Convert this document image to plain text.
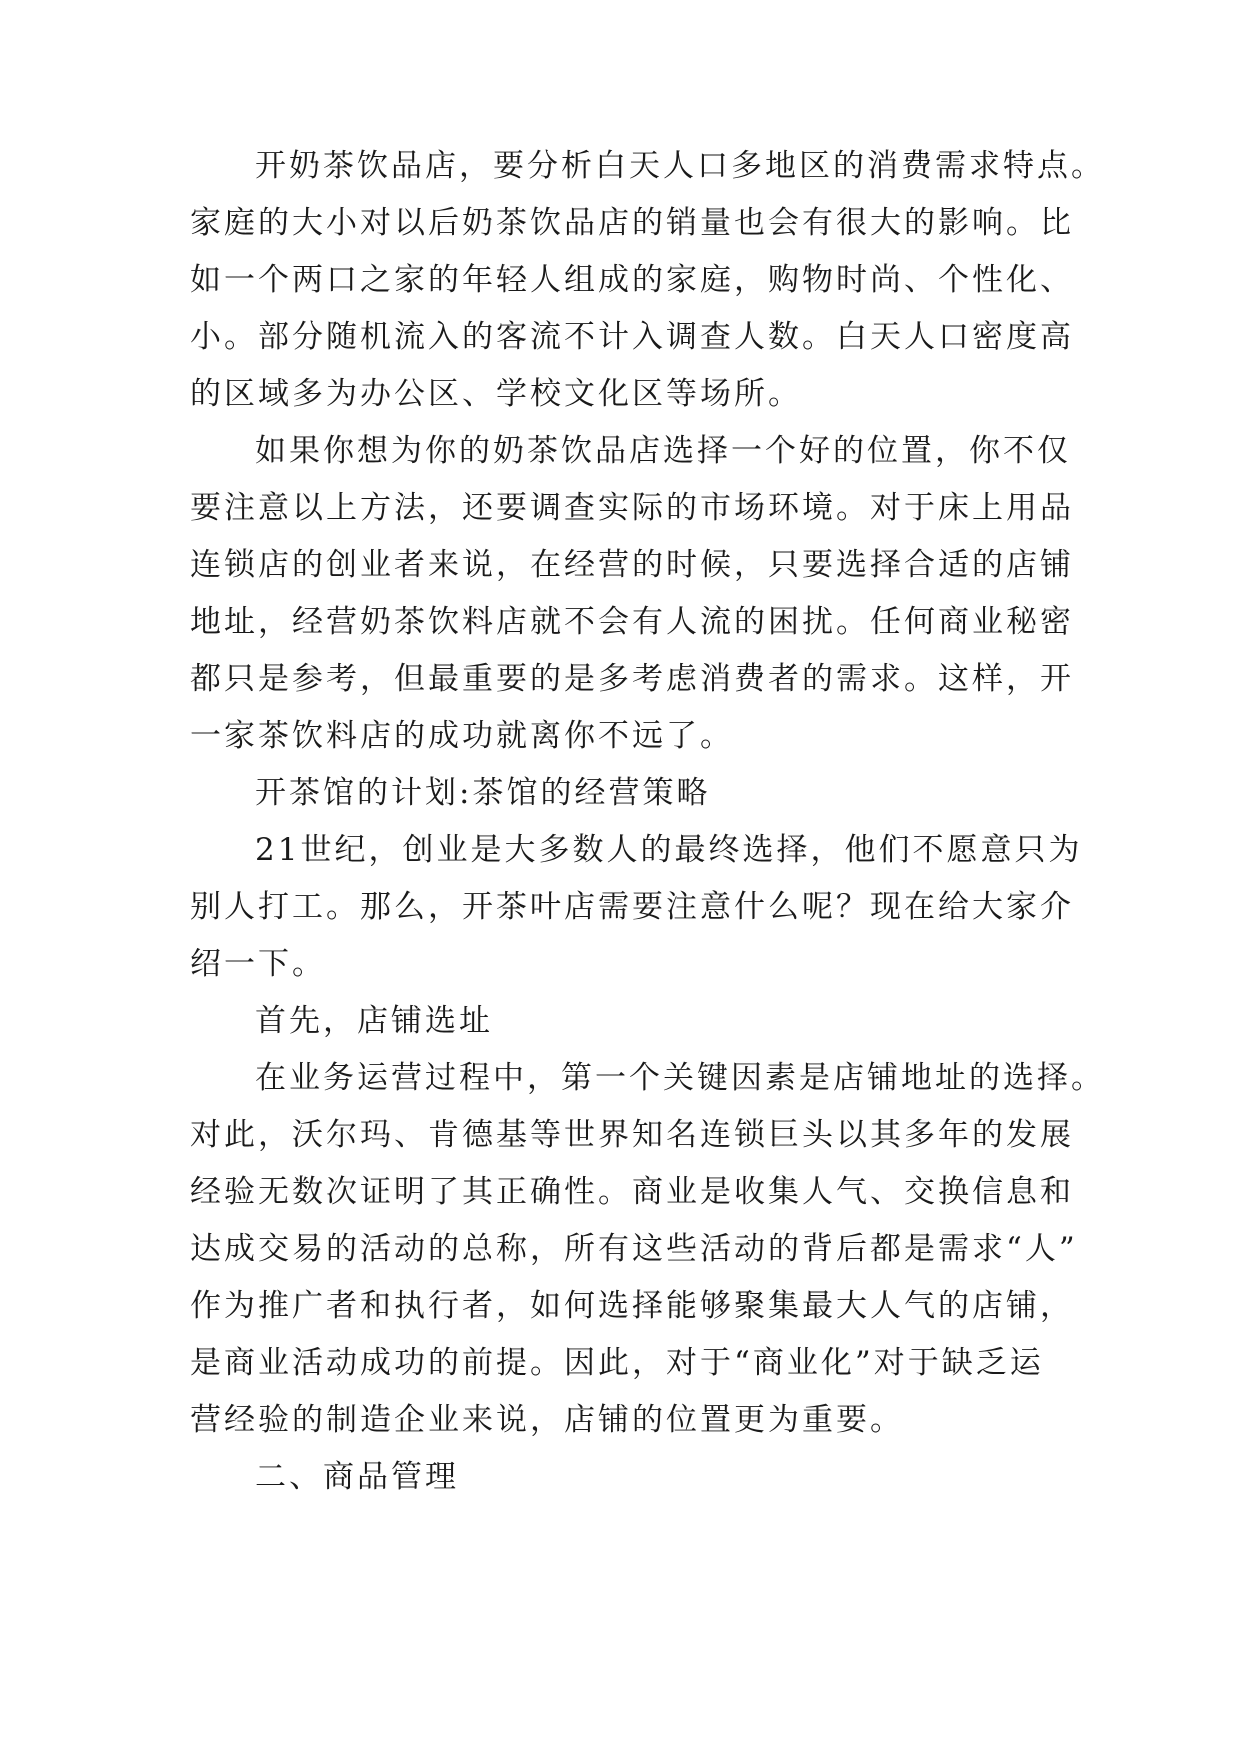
开奶茶饮品店，要分析白天人口多地区的消费需求特点。
家庭的大小对以后奶茶饮品店的销量也会有很大的影响。比
如一个两口之家的年轻人组成的家庭，购物时尚、个性化、
小。部分随机流入的客流不计入调查人数。白天人口密度高
的区域多为办公区、学校文化区等场所。
如果你想为你的奶茶饮品店选择一个好的位置，你不仅
要注意以上方法，还要调查实际的市场环境。对于床上用品
连锁店的创业者来说，在经营的时候，只要选择合适的店铺
地址，经营奶茶饮料店就不会有人流的困扰。任何商业秘密
都只是参考，但最重要的是多考虑消费者的需求。这样，开
一家茶饮料店的成功就离你不远了。
开茶馆的计划:茶馆的经营策略
21世纪，创业是大多数人的最终选择，他们不愿意只为
别人打工。那么，开茶叶店需要注意什么呢？现在给大家介
绍一下。
首先，店铺选址
在业务运营过程中，第一个关键因素是店铺地址的选择。
对此，沃尔玛、肯德基等世界知名连锁巨头以其多年的发展
经验无数次证明了其正确性。商业是收集人气、交换信息和
达成交易的活动的总称，所有这些活动的背后都是需求“人”
作为推广者和执行者，如何选择能够聚集最大人气的店铺，
是商业活动成功的前提。因此，对于“商业化”对于缺乏运
营经验的制造企业来说，店铺的位置更为重要。
二、商品管理
